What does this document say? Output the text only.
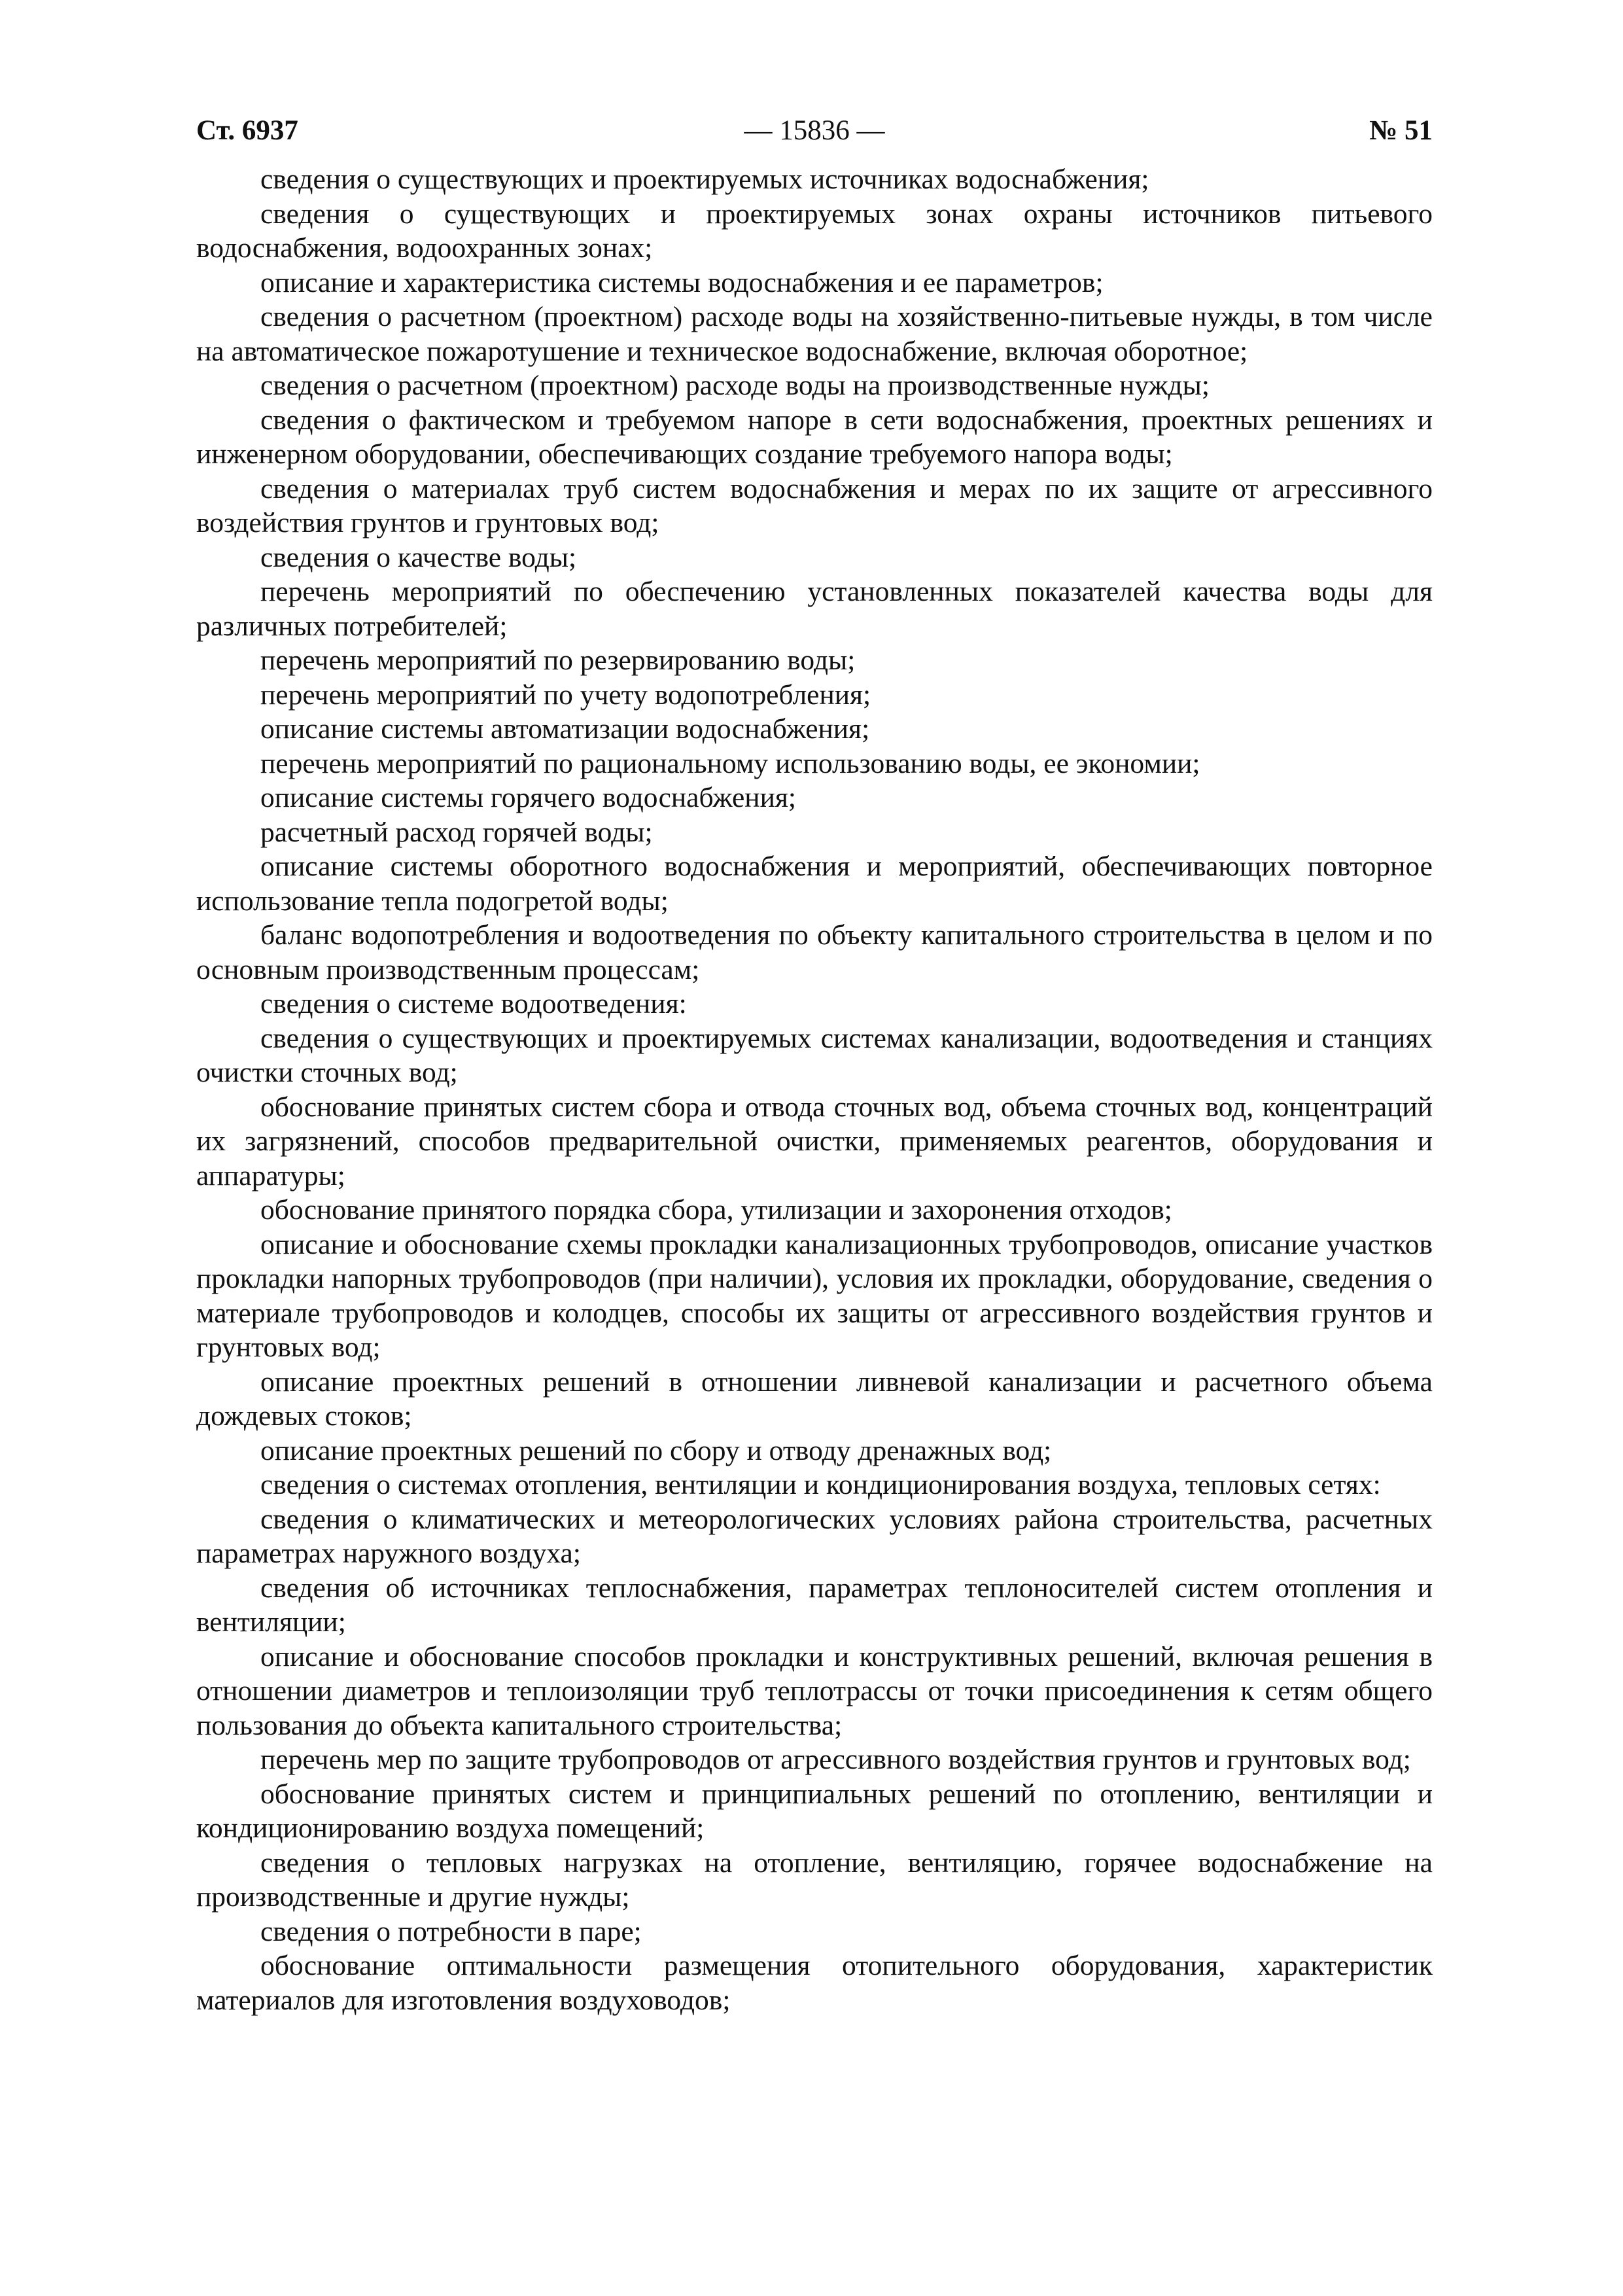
Ст. 6937	— 15836 —	№ 51

сведения о существующих и проектируемых источниках водоснабжения;

сведения о существующих и проектируемых зонах охраны источников питьевого водоснабжения, водоохранных зонах;

описание и характеристика системы водоснабжения и ее параметров;

сведения о расчетном (проектном) расходе воды на хозяйственно-питьевые нужды, в том числе на автоматическое пожаротушение и техническое водоснабжение, включая оборотное;

сведения о расчетном (проектном) расходе воды на производственные нужды;

сведения о фактическом и требуемом напоре в сети водоснабжения, проектных решениях и инженерном оборудовании, обеспечивающих создание требуемого напора воды;

сведения о материалах труб систем водоснабжения и мерах по их защите от агрессивного воздействия грунтов и грунтовых вод;

сведения о качестве воды;

перечень мероприятий по обеспечению установленных показателей качества воды для различных потребителей;

перечень мероприятий по резервированию воды;

перечень мероприятий по учету водопотребления;

описание системы автоматизации водоснабжения;

перечень мероприятий по рациональному использованию воды, ее экономии;

описание системы горячего водоснабжения;

расчетный расход горячей воды;

описание системы оборотного водоснабжения и мероприятий, обеспечивающих повторное использование тепла подогретой воды;

баланс водопотребления и водоотведения по объекту капитального строительства в целом и по основным производственным процессам;

сведения о системе водоотведения:

сведения о существующих и проектируемых системах канализации, водоотведения и станциях очистки сточных вод;

обоснование принятых систем сбора и отвода сточных вод, объема сточных вод, концентраций их загрязнений, способов предварительной очистки, применяемых реагентов, оборудования и аппаратуры;

обоснование принятого порядка сбора, утилизации и захоронения отходов;

описание и обоснование схемы прокладки канализационных трубопроводов, описание участков прокладки напорных трубопроводов (при наличии), условия их прокладки, оборудование, сведения о материале трубопроводов и колодцев, способы их защиты от агрессивного воздействия грунтов и грунтовых вод;

описание проектных решений в отношении ливневой канализации и расчетного объема дождевых стоков;

описание проектных решений по сбору и отводу дренажных вод;

сведения о системах отопления, вентиляции и кондиционирования воздуха, тепловых сетях:

сведения о климатических и метеорологических условиях района строительства, расчетных параметрах наружного воздуха;

сведения об источниках теплоснабжения, параметрах теплоносителей систем отопления и вентиляции;

описание и обоснование способов прокладки и конструктивных решений, включая решения в отношении диаметров и теплоизоляции труб теплотрассы от точки присоединения к сетям общего пользования до объекта капитального строительства;

перечень мер по защите трубопроводов от агрессивного воздействия грунтов и грунтовых вод;

обоснование принятых систем и принципиальных решений по отоплению, вентиляции и кондиционированию воздуха помещений;

сведения о тепловых нагрузках на отопление, вентиляцию, горячее водоснабжение на производственные и другие нужды;

сведения о потребности в паре;

обоснование оптимальности размещения отопительного оборудования, характеристик материалов для изготовления воздуховодов;
